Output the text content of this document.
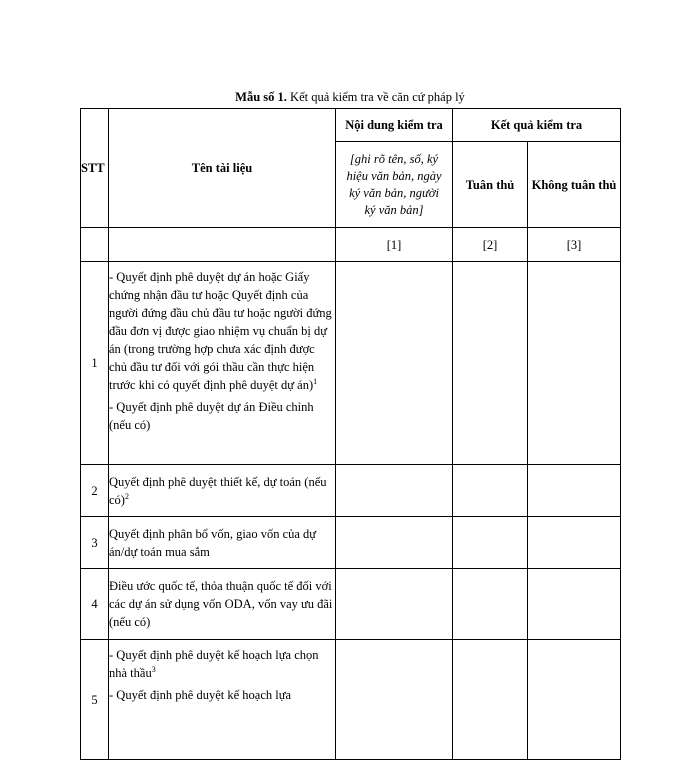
Mẫu số 1. Kết quả kiểm tra về căn cứ pháp lý
STT	Tên tài liệu	Nội dung kiểm tra	Kết quả kiểm tra	
		[ghi rõ tên, số, ký hiệu văn bản, ngày ký văn bản, người ký văn bản]	Tuân thủ	Không tuân thủ
		[1]	[2]	[3]
1	- Quyết định phê duyệt dự án hoặc Giấy chứng nhận đầu tư hoặc Quyết định của người đứng đầu chủ đầu tư hoặc người đứng đầu đơn vị được giao nhiệm vụ chuẩn bị dự án (trong trường hợp chưa xác định được chủ đầu tư đối với gói thầu cần thực hiện trước khi có quyết định phê duyệt dự án)$^1$
- Quyết định phê duyệt dự án Điều chỉnh (nếu có)			

2	Quyết định phê duyệt thiết kế, dự toán (nếu có)$^2$

3	Quyết định phân bổ vốn, giao vốn của dự án/dự toán mua sắm			

4	Điều ước quốc tế, thỏa thuận quốc tế đối với các dự án sử dụng vốn ODA, vốn vay ưu đãi (nếu có)			

5	- Quyết định phê duyệt kế hoạch lựa chọn nhà thầu$^3$
- Quyết định phê duyệt kế hoạch lựa			
